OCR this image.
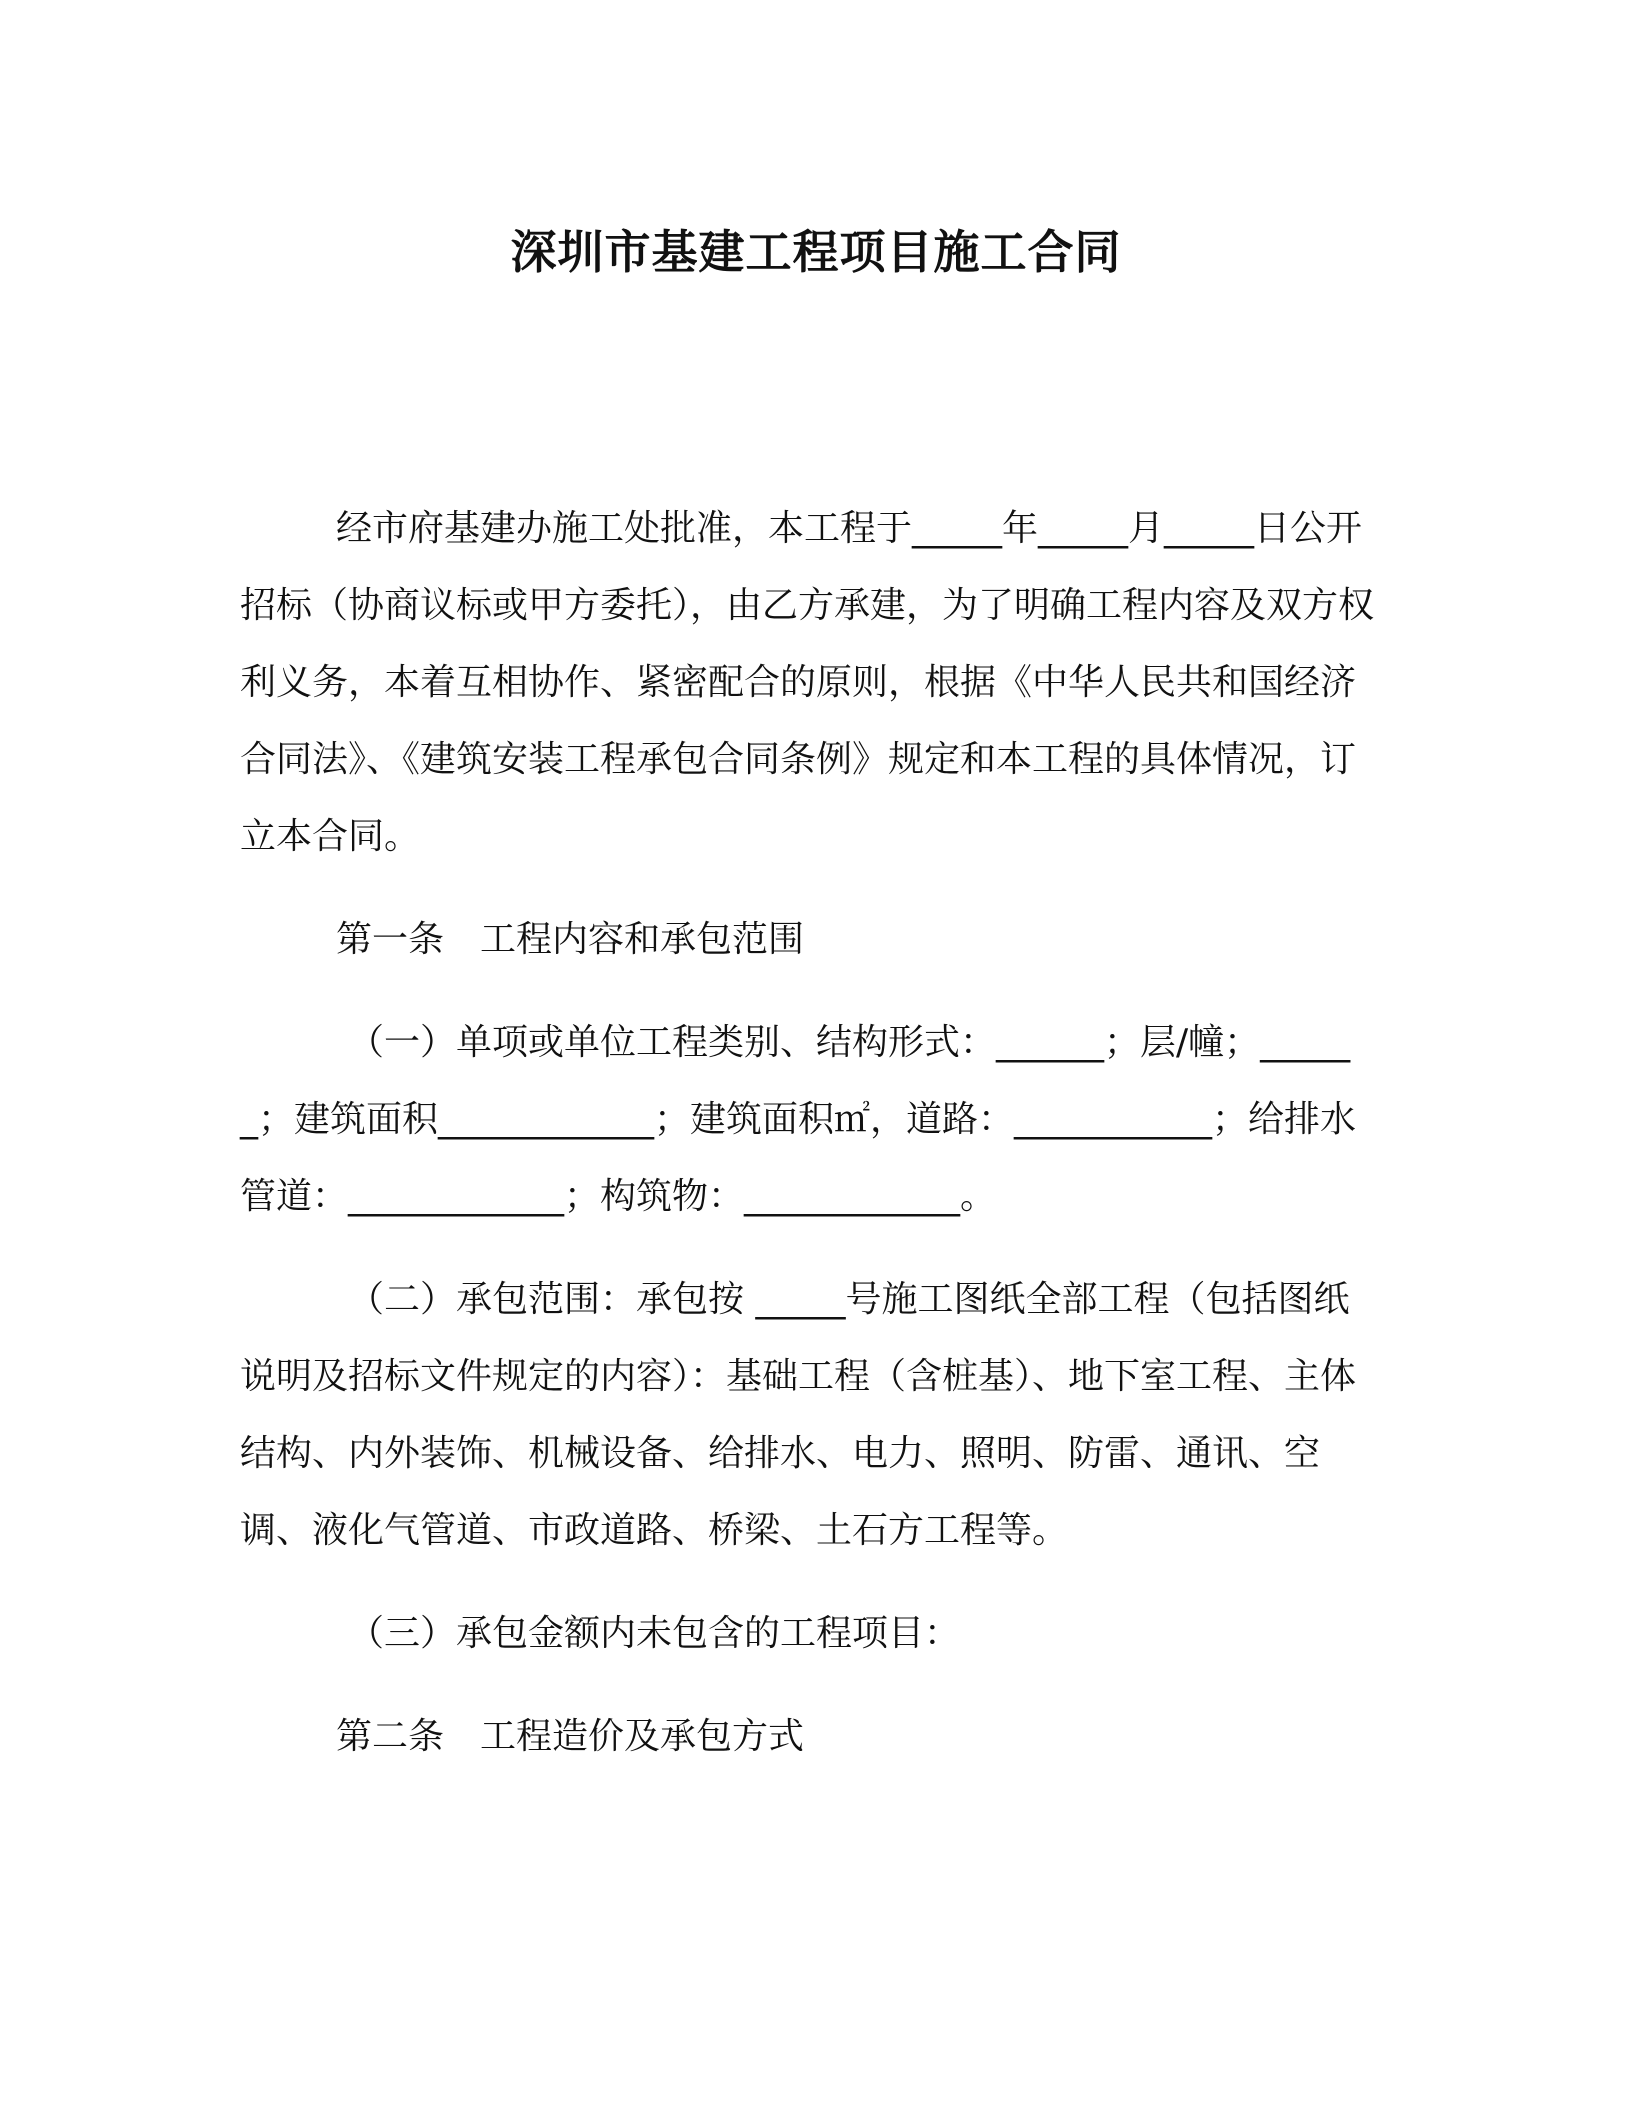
深圳市基建工程项目施工合同

经市府基建办施工处批准，本工程于_____年_____月_____日公开招标（协商议标或甲方委托），由乙方承建，为了明确工程内容及双方权利义务，本着互相协作、紧密配合的原则，根据《中华人民共和国经济合同法》、《建筑安装工程承包合同条例》规定和本工程的具体情况，订立本合同。

第一条　工程内容和承包范围

（一）单项或单位工程类别、结构形式：______；层/幢；______；建筑面积____________；建筑面积㎡，道路：___________；给排水管道：____________；构筑物：____________。

（二）承包范围：承包按 _____号施工图纸全部工程（包括图纸说明及招标文件规定的内容）：基础工程（含桩基）、地下室工程、主体结构、内外装饰、机械设备、给排水、电力、照明、防雷、通讯、空调、液化气管道、市政道路、桥梁、土石方工程等。

（三）承包金额内未包含的工程项目：

第二条　工程造价及承包方式
